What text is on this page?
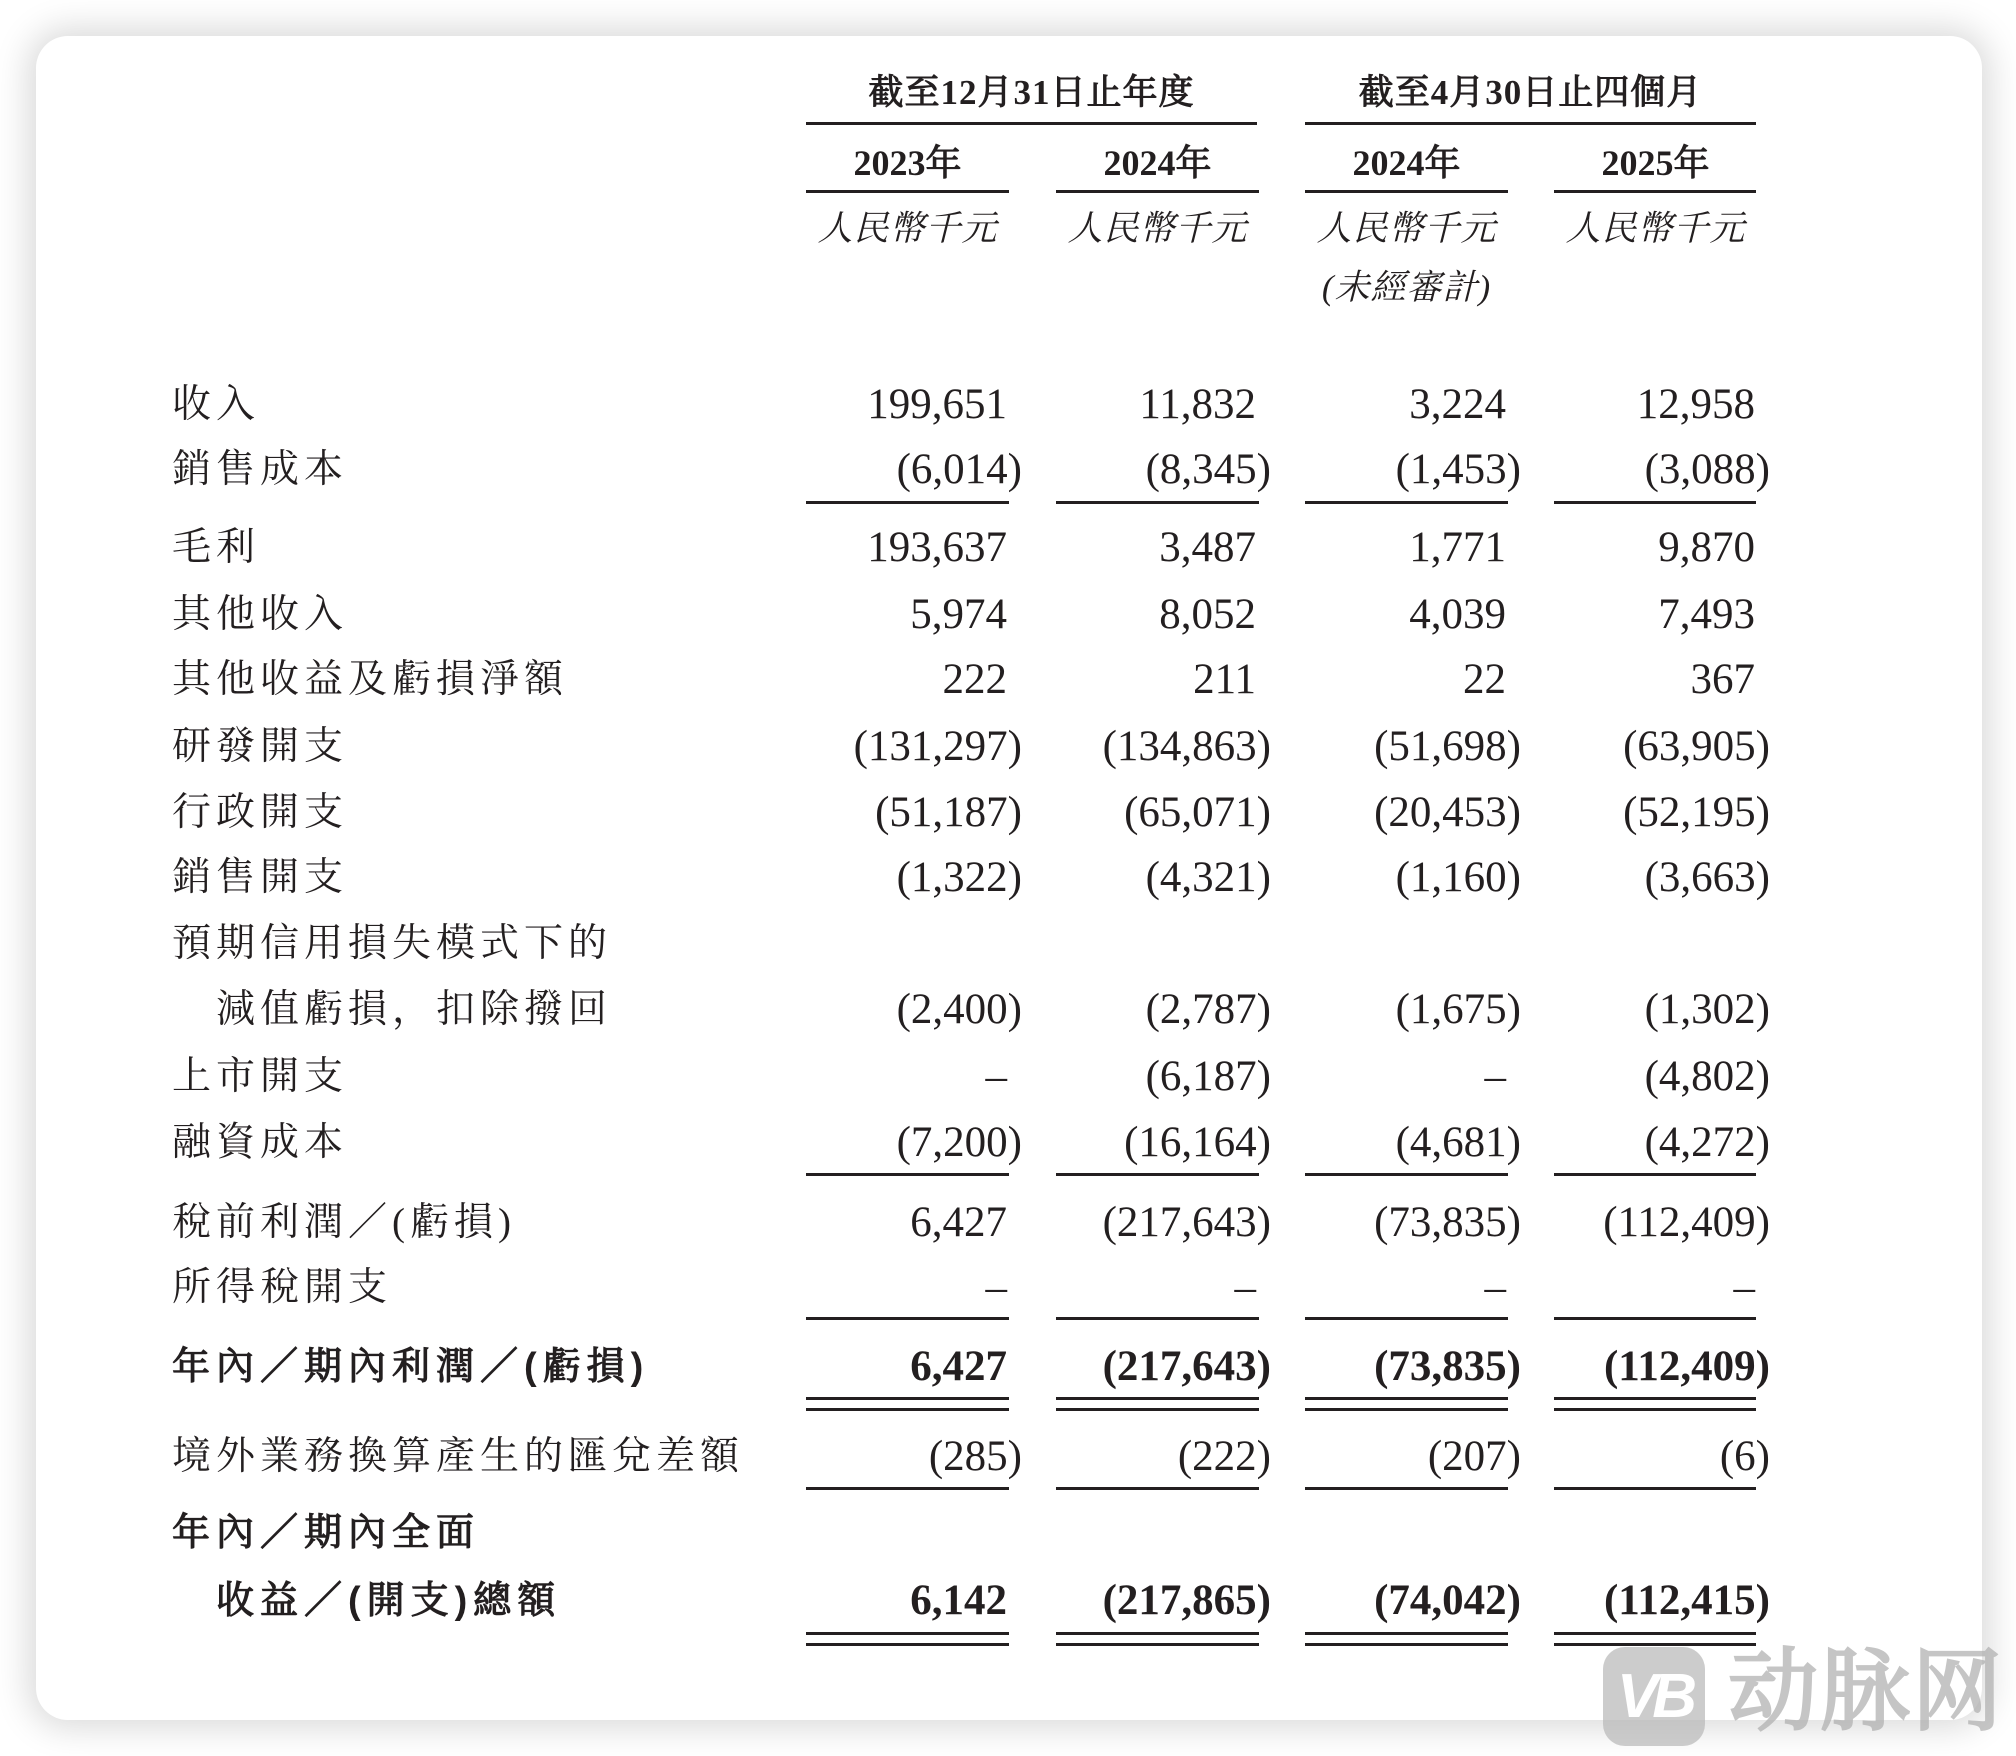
截至12月31日止年度	截至4月30日止四個月
2023年	2024年	2024年	2025年
人民幣千元	人民幣千元	人民幣千元	人民幣千元
(未經審計)
收入	199,651	11,832	3,224	12,958
銷售成本	(6,014)	(8,345)	(1,453)	(3,088)
毛利	193,637	3,487	1,771	9,870
其他收入	5,974	8,052	4,039	7,493
其他收益及虧損淨額	222	211	22	367
研發開支	(131,297)	(134,863)	(51,698)	(63,905)
行政開支	(51,187)	(65,071)	(20,453)	(52,195)
銷售開支	(1,322)	(4,321)	(1,160)	(3,663)
預期信用損失模式下的
減值虧損，扣除撥回	(2,400)	(2,787)	(1,675)	(1,302)
上市開支	–	(6,187)	–	(4,802)
融資成本	(7,200)	(16,164)	(4,681)	(4,272)
稅前利潤／(虧損)	6,427	(217,643)	(73,835)	(112,409)
所得稅開支	–	–	–	–
年內／期內利潤／(虧損)	6,427	(217,643)	(73,835)	(112,409)
境外業務換算產生的匯兌差額	(285)	(222)	(207)	(6)
年內／期內全面
收益／(開支)總額	6,142	(217,865)	(74,042)	(112,415)
VB 动脉网
